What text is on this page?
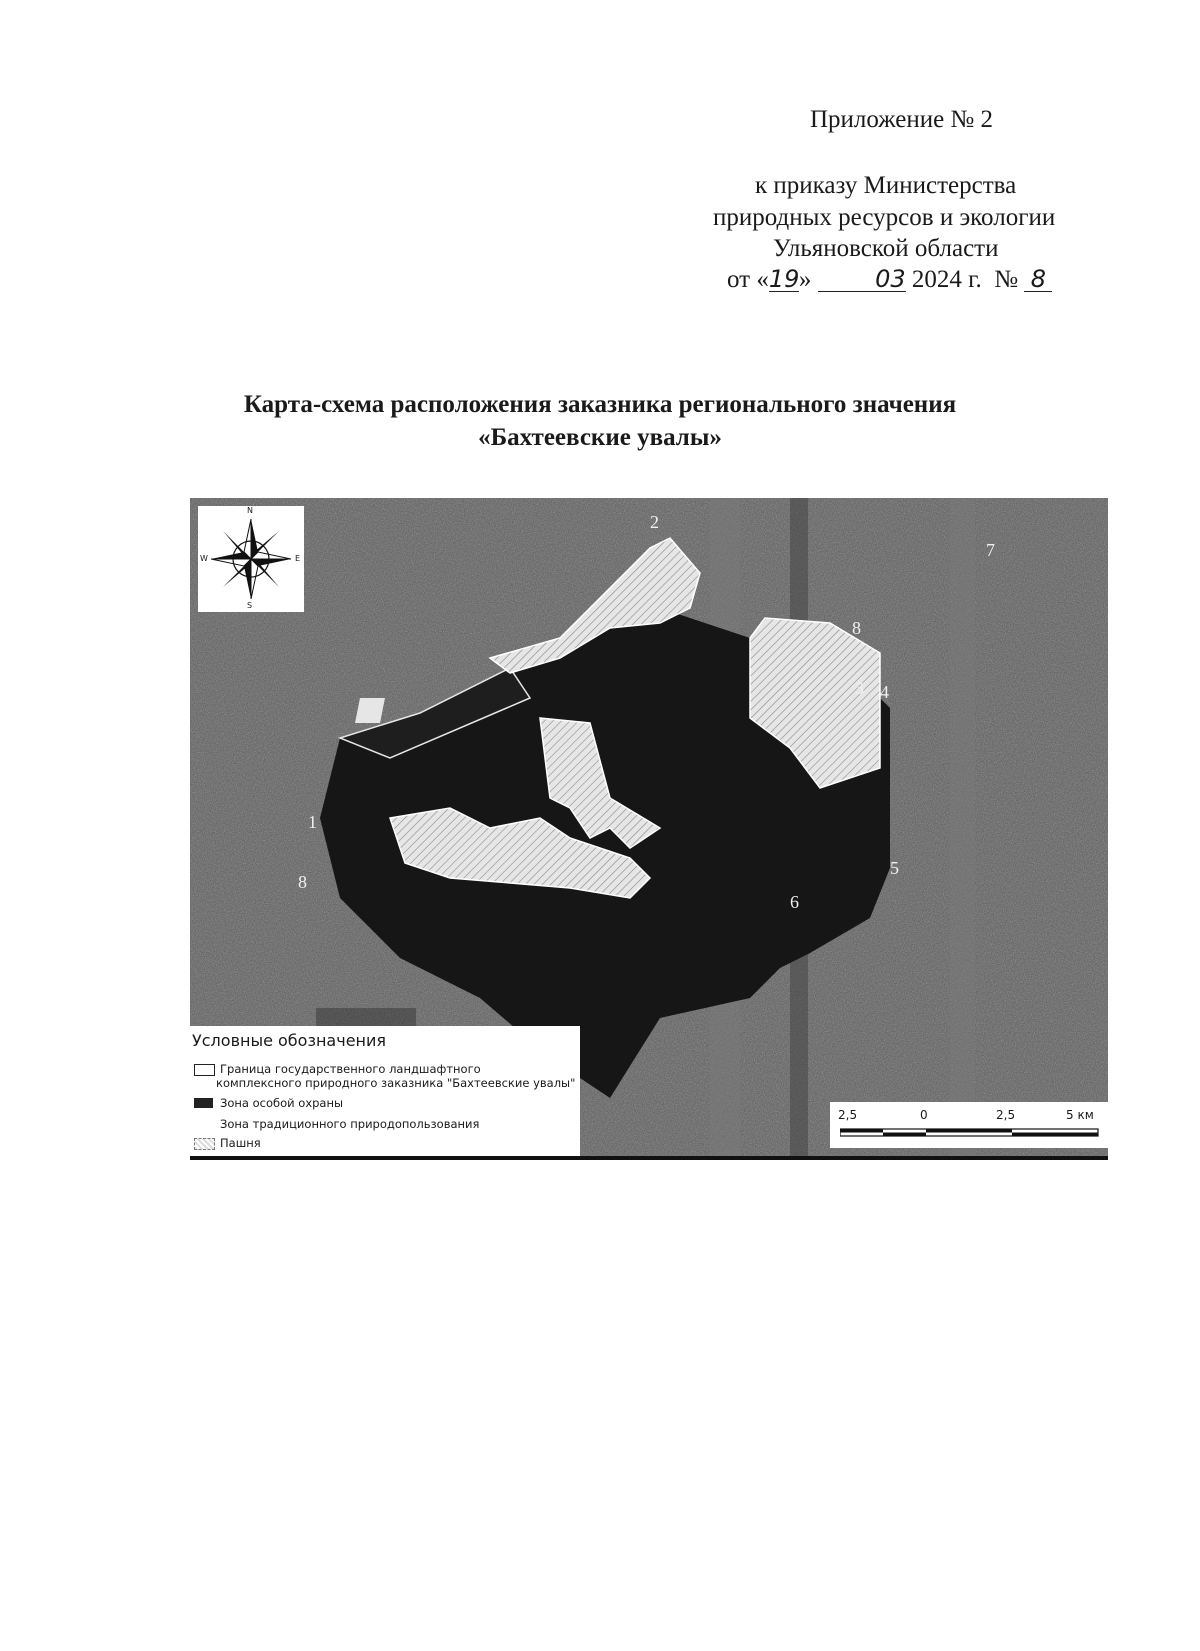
Приложение № 2
к приказу Министерства
природных ресурсов и экологии
Ульяновской области
от «19»	03 2024 г. № 8
Карта-схема расположения заказника регионального значения
«Бахтеевские увалы»
1
2
3 4
5
6
7
8
8
N
S
W	E
Условные обозначения
Граница государственного ландшафтного
комплексного природного заказника "Бахтеевские увалы"
Зона особой охраны
Зона традиционного природопользования
Пашня
2,5	0	2,5	5 км
